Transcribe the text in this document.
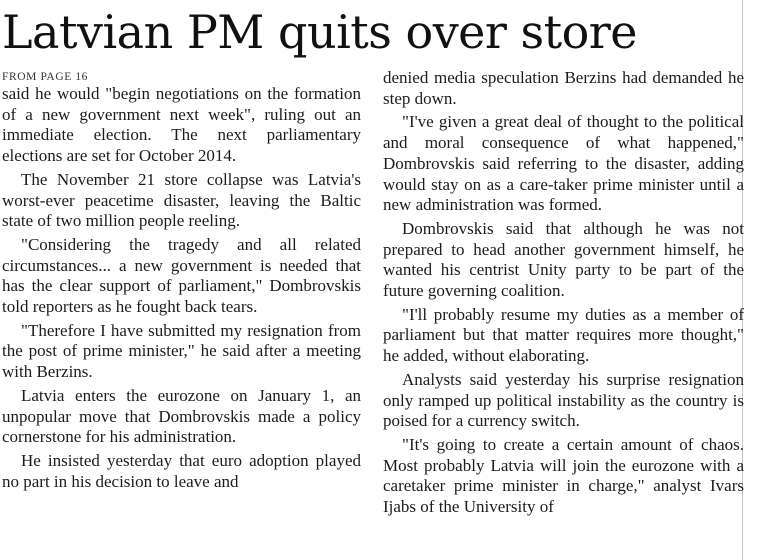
Latvian PM quits over store
FROM PAGE 16

said he would "begin negotiations on the formation of a new government next week", ruling out an immediate election. The next parliamentary elections are set for October 2014.

The November 21 store collapse was Latvia's worst-ever peacetime disaster, leaving the Baltic state of two million people reeling.

"Considering the tragedy and all related circumstances... a new government is needed that has the clear support of parliament," Dombrovskis told reporters as he fought back tears.

"Therefore I have submitted my resignation from the post of prime minister," he said after a meeting with Berzins.

Latvia enters the eurozone on January 1, an unpopular move that Dombrovskis made a policy cornerstone for his administration.

He insisted yesterday that euro adoption played no part in his decision to leave and

denied media speculation Berzins had demanded he step down.

"I've given a great deal of thought to the political and moral consequence of what happened," Dombrovskis said referring to the disaster, adding would stay on as a care-taker prime minister until a new administration was formed.

Dombrovskis said that although he was not prepared to head another government himself, he wanted his centrist Unity party to be part of the future governing coalition.

"I'll probably resume my duties as a member of parliament but that matter requires more thought," he added, without elaborating.

Analysts said yesterday his surprise resignation only ramped up political instability as the country is poised for a currency switch.

"It's going to create a certain amount of chaos. Most probably Latvia will join the eurozone with a caretaker prime minister in charge," analyst Ivars Ijabs of the University of
